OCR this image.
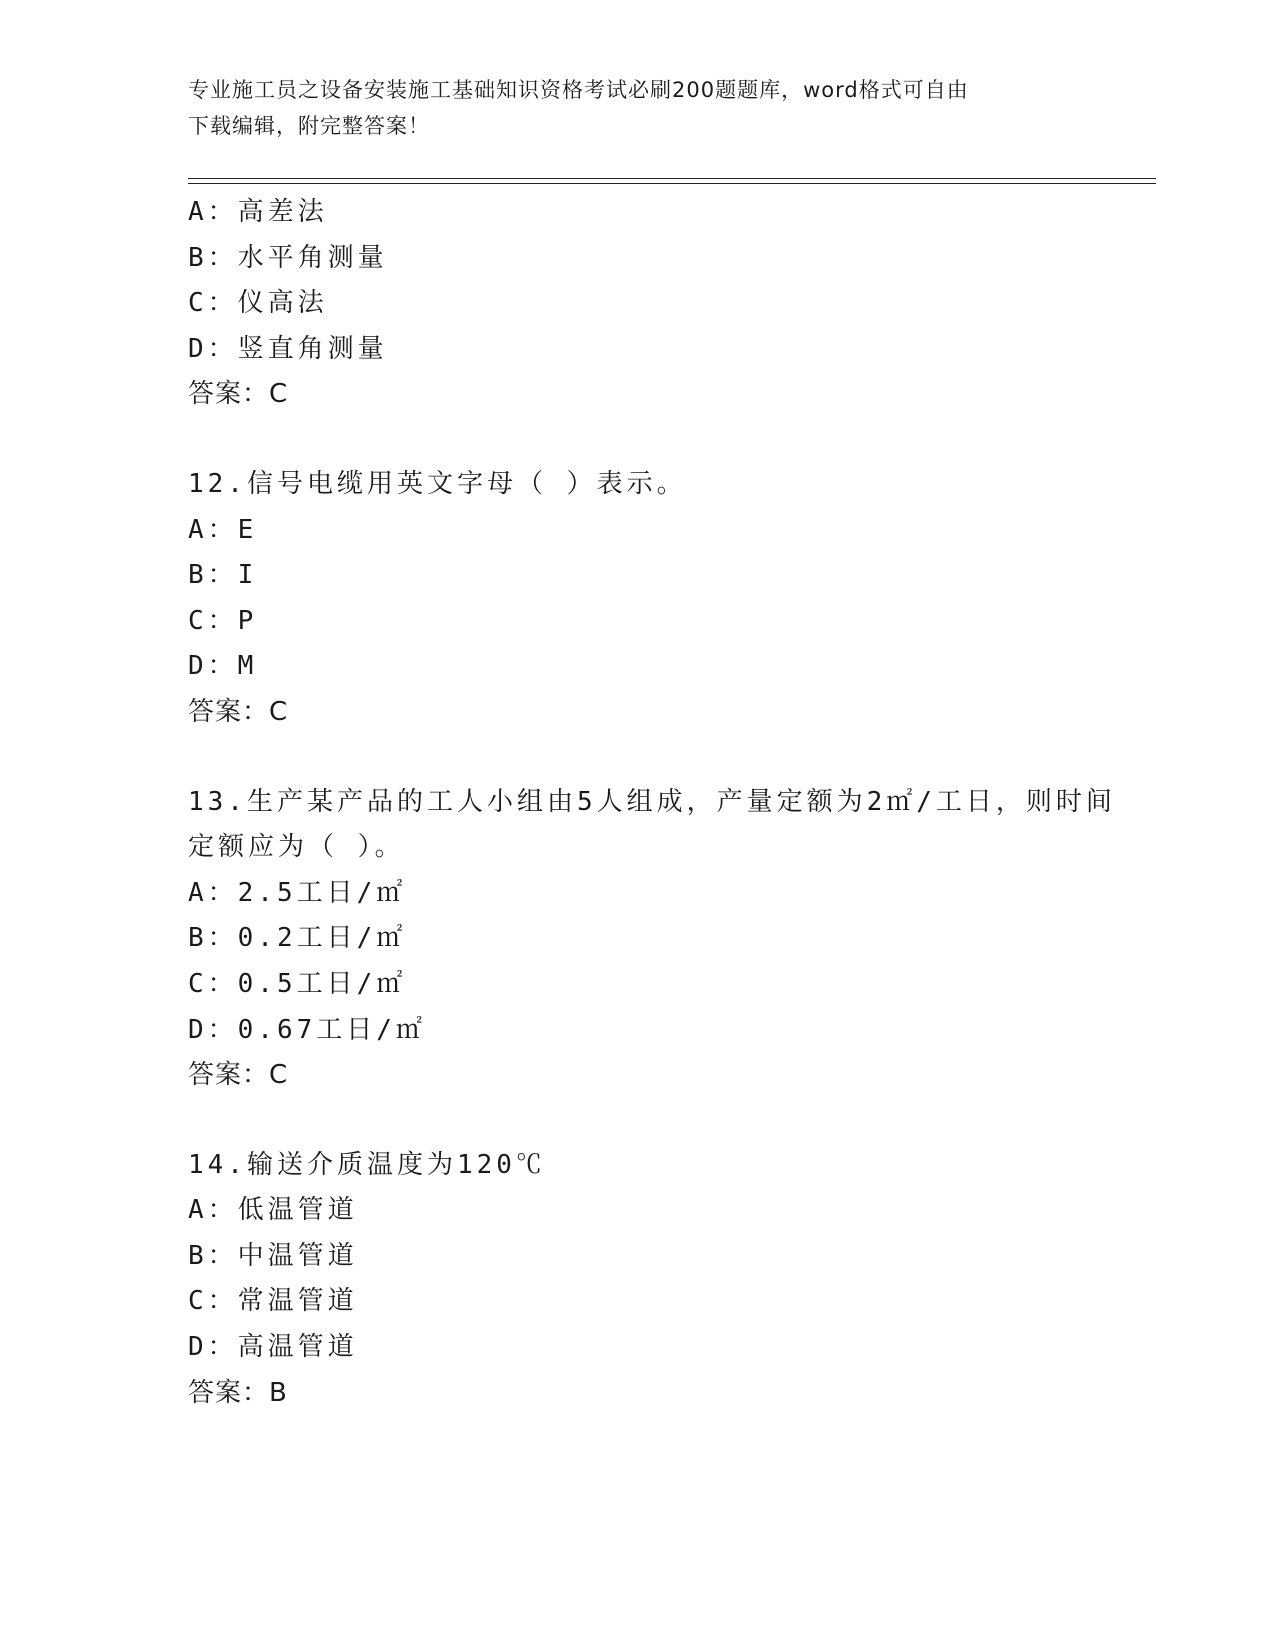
专业施工员之设备安装施工基础知识资格考试必刷200题题库，word格式可自由
下载编辑，附完整答案！
A：高差法
B：水平角测量
C：仪高法
D：竖直角测量
答案：C
12.信号电缆用英文字母（ ）表示。
A：E
B：I
C：P
D：M
答案：C
13.生产某产品的工人小组由5人组成，产量定额为2㎡/工日，则时间
定额应为（ ）。
A：2.5工日/㎡
B：0.2工日/㎡
C：0.5工日/㎡
D：0.67工日/㎡
答案：C
14.输送介质温度为120℃
A：低温管道
B：中温管道
C：常温管道
D：高温管道
答案：B
